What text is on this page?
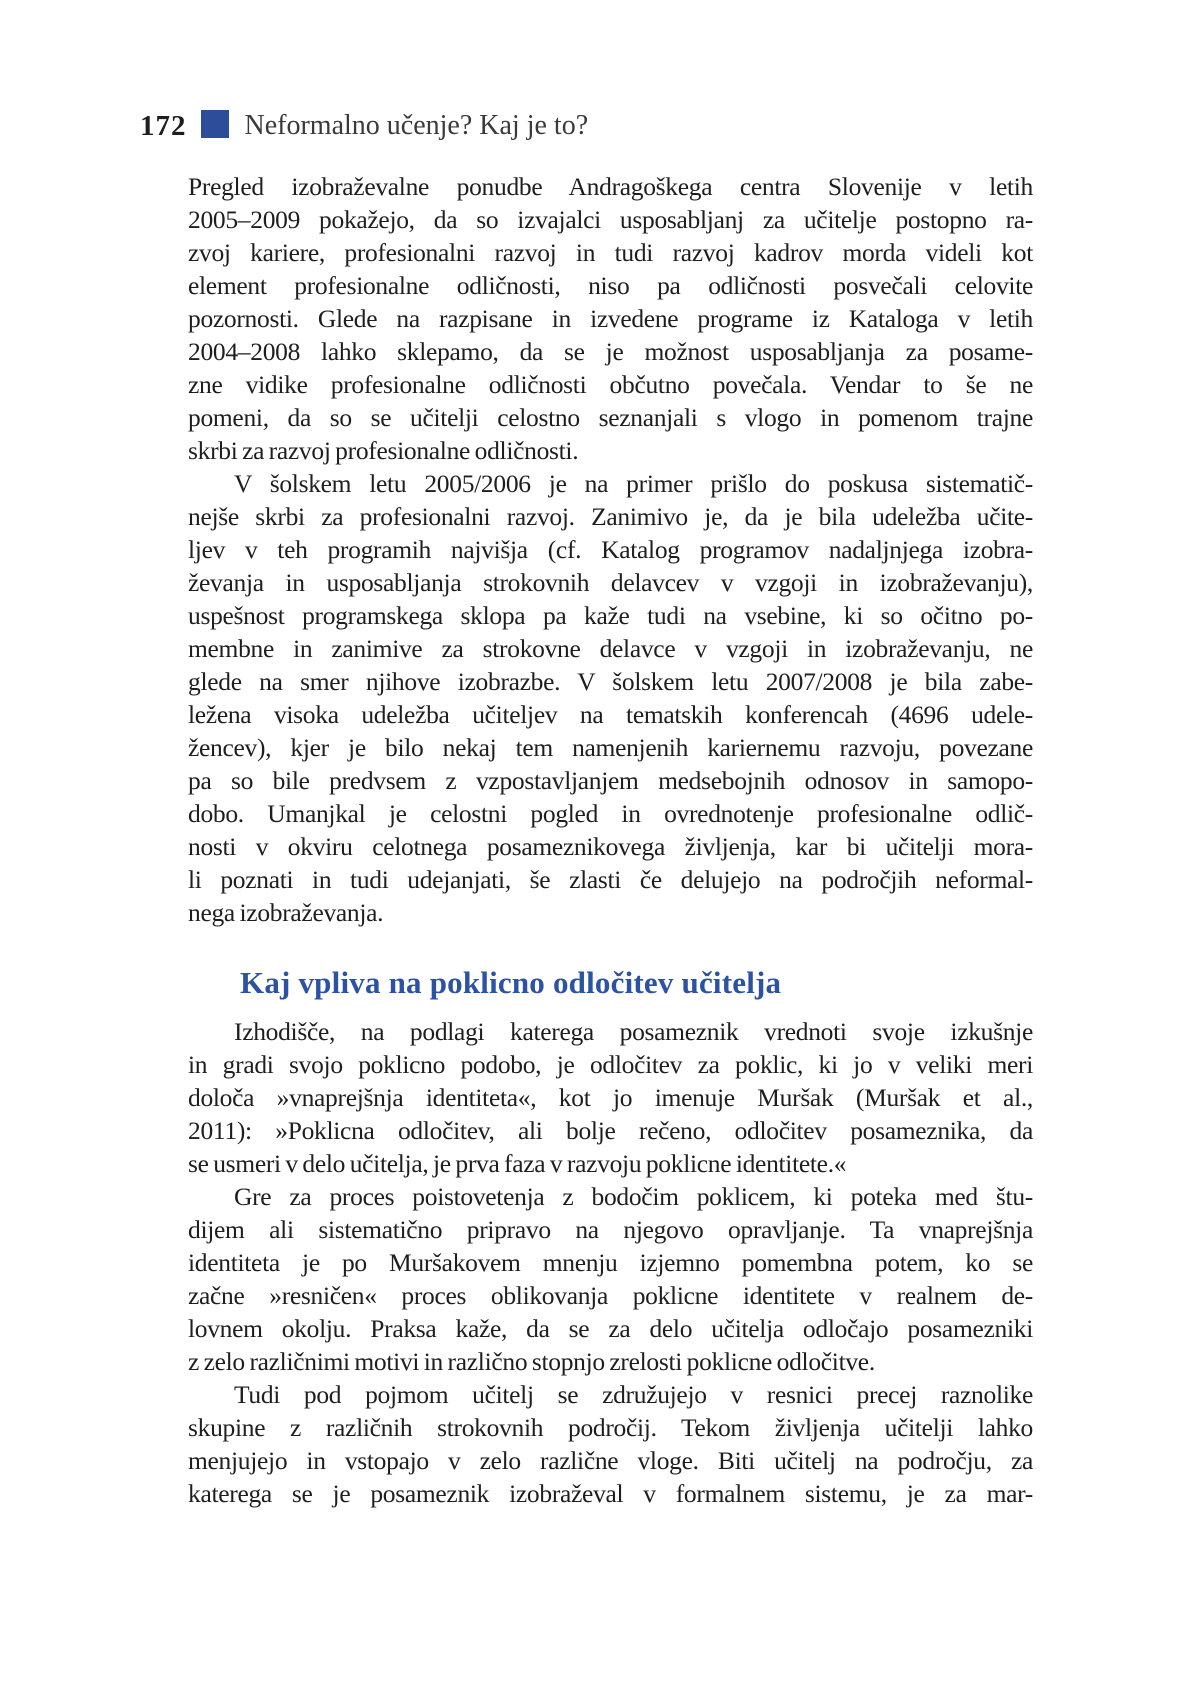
172 Neformalno učenje? Kaj je to?
Pregled izobraževalne ponudbe Andragoškega centra Slovenije v letih
2005–2009 pokažejo, da so izvajalci usposabljanj za učitelje postopno ra-
zvoj kariere, profesionalni razvoj in tudi razvoj kadrov morda videli kot
element profesionalne odličnosti, niso pa odličnosti posvečali celovite
pozornosti. Glede na razpisane in izvedene programe iz Kataloga v letih
2004–2008 lahko sklepamo, da se je možnost usposabljanja za posame-
zne vidike profesionalne odličnosti občutno povečala. Vendar to še ne
pomeni, da so se učitelji celostno seznanjali s vlogo in pomenom trajne
skrbi za razvoj profesionalne odličnosti.
V šolskem letu 2005/2006 je na primer prišlo do poskusa sistematič-
nejše skrbi za profesionalni razvoj. Zanimivo je, da je bila udeležba učite-
ljev v teh programih najvišja (cf. Katalog programov nadaljnjega izobra-
ževanja in usposabljanja strokovnih delavcev v vzgoji in izobraževanju),
uspešnost programskega sklopa pa kaže tudi na vsebine, ki so očitno po-
membne in zanimive za strokovne delavce v vzgoji in izobraževanju, ne
glede na smer njihove izobrazbe. V šolskem letu 2007/2008 je bila zabe-
ležena visoka udeležba učiteljev na tematskih konferencah (4696 udele-
žencev), kjer je bilo nekaj tem namenjenih kariernemu razvoju, povezane
pa so bile predvsem z vzpostavljanjem medsebojnih odnosov in samopo-
dobo. Umanjkal je celostni pogled in ovrednotenje profesionalne odlič-
nosti v okviru celotnega posameznikovega življenja, kar bi učitelji mora-
li poznati in tudi udejanjati, še zlasti če delujejo na področjih neformal-
nega izobraževanja.
Kaj vpliva na poklicno odločitev učitelja
Izhodišče, na podlagi katerega posameznik vrednoti svoje izkušnje
in gradi svojo poklicno podobo, je odločitev za poklic, ki jo v veliki meri
določa »vnaprejšnja identiteta«, kot jo imenuje Muršak (Muršak et al.,
2011): »Poklicna odločitev, ali bolje rečeno, odločitev posameznika, da
se usmeri v delo učitelja, je prva faza v razvoju poklicne identitete.«
Gre za proces poistovetenja z bodočim poklicem, ki poteka med štu-
dijem ali sistematično pripravo na njegovo opravljanje. Ta vnaprejšnja
identiteta je po Muršakovem mnenju izjemno pomembna potem, ko se
začne »resničen« proces oblikovanja poklicne identitete v realnem de-
lovnem okolju. Praksa kaže, da se za delo učitelja odločajo posamezniki
z zelo različnimi motivi in različno stopnjo zrelosti poklicne odločitve.
Tudi pod pojmom učitelj se združujejo v resnici precej raznolike
skupine z različnih strokovnih področij. Tekom življenja učitelji lahko
menjujejo in vstopajo v zelo različne vloge. Biti učitelj na področju, za
katerega se je posameznik izobraževal v formalnem sistemu, je za mar-
